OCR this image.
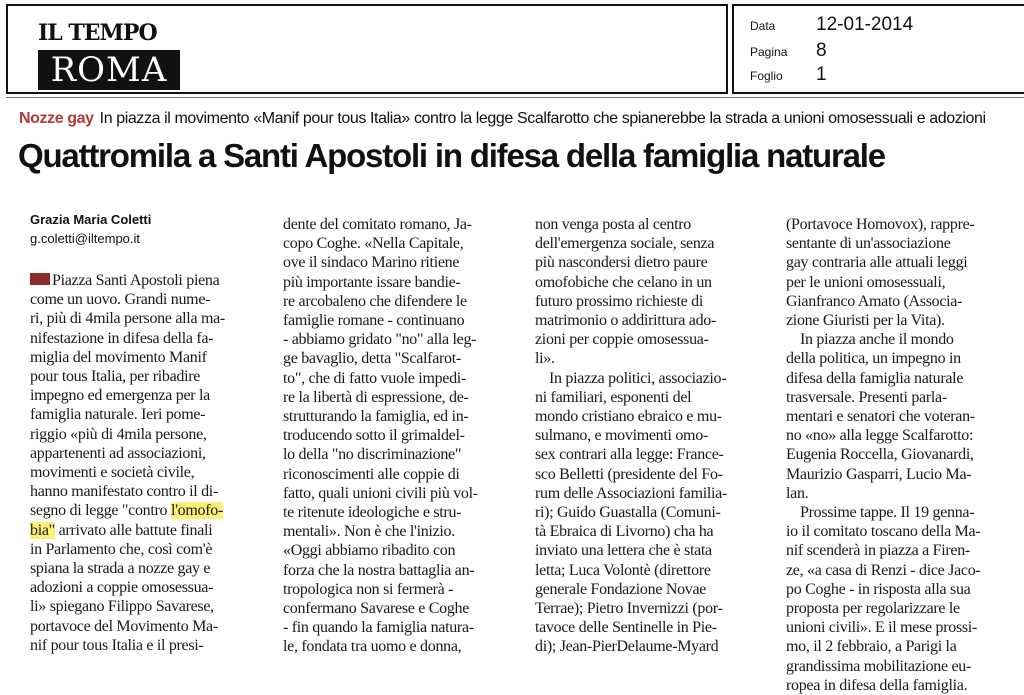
IL TEMPO
ROMA
Data	12-01-2014
Pagina	8
Foglio	1
Nozze gay In piazza il movimento «Manif pour tous Italia» contro la legge Scalfarotto che spianerebbe la strada a unioni omosessuali e adozioni
Quattromila a Santi Apostoli in difesa della famiglia naturale
Grazia Maria Coletti
g.coletti@iltempo.it
Piazza Santi Apostoli piena
come un uovo. Grandi nume-
ri, più di 4mila persone alla ma-
nifestazione in difesa della fa-
miglia del movimento Manif
pour tous Italia, per ribadire
impegno ed emergenza per la
famiglia naturale. Ieri pome-
riggio «più di 4mila persone,
appartenenti ad associazioni,
movimenti e società civile,
hanno manifestato contro il di-
segno di legge "contro l'omofo-
bia" arrivato alle battute finali
in Parlamento che, così com'è
spiana la strada a nozze gay e
adozioni a coppie omosessua-
li» spiegano Filippo Savarese,
portavoce del Movimento Ma-
nif pour tous Italia e il presi-
dente del comitato romano, Ja-
copo Coghe. «Nella Capitale,
ove il sindaco Marino ritiene
più importante issare bandie-
re arcobaleno che difendere le
famiglie romane - continuano
- abbiamo gridato "no" alla leg-
ge bavaglio, detta "Scalfarot-
to", che di fatto vuole impedi-
re la libertà di espressione, de-
strutturando la famiglia, ed in-
troducendo sotto il grimaldel-
lo della "no discriminazione"
riconoscimenti alle coppie di
fatto, quali unioni civili più vol-
te ritenute ideologiche e stru-
mentali». Non è che l'inizio.
«Oggi abbiamo ribadito con
forza che la nostra battaglia an-
tropologica non si fermerà -
confermano Savarese e Coghe
- fin quando la famiglia natura-
le, fondata tra uomo e donna,
non venga posta al centro
dell'emergenza sociale, senza
più nascondersi dietro paure
omofobiche che celano in un
futuro prossimo richieste di
matrimonio o addirittura ado-
zioni per coppie omosessua-
li».
In piazza politici, associazio-
ni familiari, esponenti del
mondo cristiano ebraico e mu-
sulmano, e movimenti omo-
sex contrari alla legge: France-
sco Belletti (presidente del Fo-
rum delle Associazioni familia-
ri); Guido Guastalla (Comuni-
tà Ebraica di Livorno) cha ha
inviato una lettera che è stata
letta; Luca Volontè (direttore
generale Fondazione Novae
Terrae); Pietro Invernizzi (por-
tavoce delle Sentinelle in Pie-
di); Jean-PierDelaume-Myard
(Portavoce Homovox), rappre-
sentante di un'associazione
gay contraria alle attuali leggi
per le unioni omosessuali,
Gianfranco Amato (Associa-
zione Giuristi per la Vita).
In piazza anche il mondo
della politica, un impegno in
difesa della famiglia naturale
trasversale. Presenti parla-
mentari e senatori che voteran-
no «no» alla legge Scalfarotto:
Eugenia Roccella, Giovanardi,
Maurizio Gasparri, Lucio Ma-
lan.
Prossime tappe. Il 19 genna-
io il comitato toscano della Ma-
nif scenderà in piazza a Firen-
ze, «a casa di Renzi - dice Jaco-
po Coghe - in risposta alla sua
proposta per regolarizzare le
unioni civili». E il mese prossi-
mo, il 2 febbraio, a Parigi la
grandissima mobilitazione eu-
ropea in difesa della famiglia.
